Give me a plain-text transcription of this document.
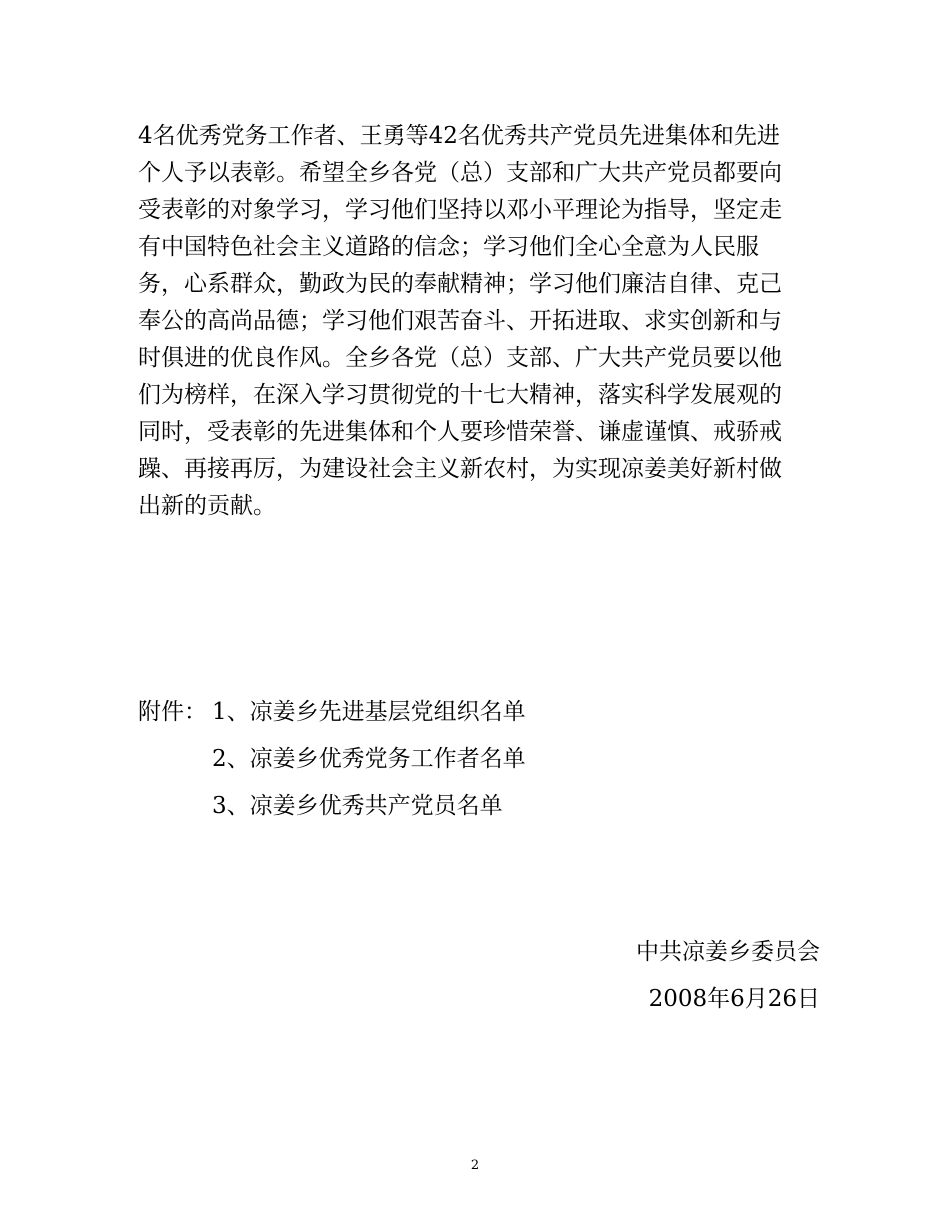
4名优秀党务工作者、王勇等42名优秀共产党员先进集体和先进
个人予以表彰。希望全乡各党（总）支部和广大共产党员都要向
受表彰的对象学习，学习他们坚持以邓小平理论为指导，坚定走
有中国特色社会主义道路的信念；学习他们全心全意为人民服
务，心系群众，勤政为民的奉献精神；学习他们廉洁自律、克己
奉公的高尚品德；学习他们艰苦奋斗、开拓进取、求实创新和与
时俱进的优良作风。全乡各党（总）支部、广大共产党员要以他
们为榜样，在深入学习贯彻党的十七大精神，落实科学发展观的
同时，受表彰的先进集体和个人要珍惜荣誉、谦虚谨慎、戒骄戒
躁、再接再厉，为建设社会主义新农村，为实现凉姜美好新村做
出新的贡献。
附件： 1、凉姜乡先进基层党组织名单
2、凉姜乡优秀党务工作者名单
3、凉姜乡优秀共产党员名单
中共凉姜乡委员会
2008年6月26日
2
